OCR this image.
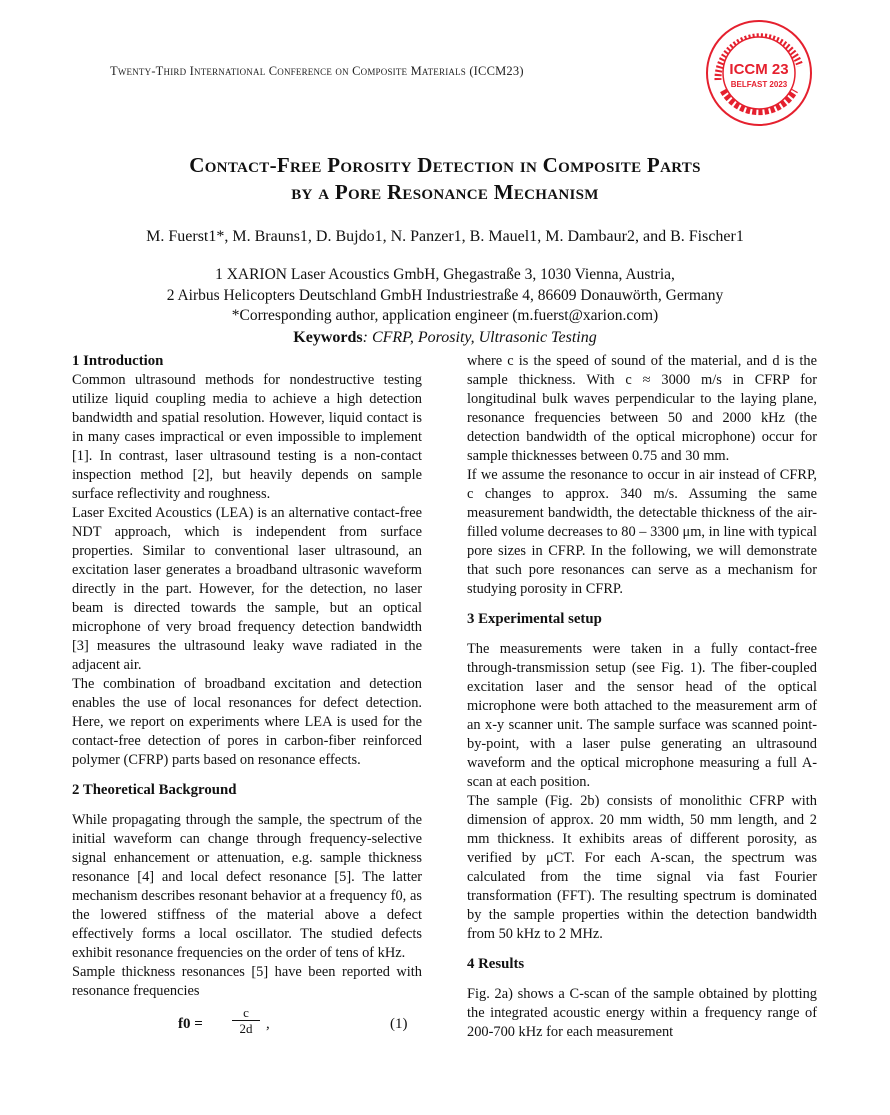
Twenty-Third International Conference on Composite Materials (ICCM23)	ICCM 23
BELFAST 2023
Contact-Free Porosity Detection in Composite Parts
by a Pore Resonance Mechanism
M. Fuerst1*, M. Brauns1, D. Bujdo1, N. Panzer1, B. Mauel1, M. Dambaur2, and B. Fischer1
1 XARION Laser Acoustics GmbH, Ghegastraße 3, 1030 Vienna, Austria,
2 Airbus Helicopters Deutschland GmbH Industriestraße 4, 86609 Donauwörth, Germany
*Corresponding author, application engineer (m.fuerst@xarion.com)
Keywords: CFRP, Porosity, Ultrasonic Testing
1 Introduction

Common ultrasound methods for nondestructive testing utilize liquid coupling media to achieve a high detection bandwidth and spatial resolution. However, liquid contact is in many cases impractical or even impossible to implement [1]. In contrast, laser ultrasound testing is a non-contact inspection method [2], but heavily depends on sample surface reflectivity and roughness.

Laser Excited Acoustics (LEA) is an alternative contact-free NDT approach, which is independent from surface properties. Similar to conventional laser ultrasound, an excitation laser generates a broadband ultrasonic waveform directly in the part. However, for the detection, no laser beam is directed towards the sample, but an optical microphone of very broad frequency detection bandwidth [3] measures the ultrasound leaky wave radiated in the adjacent air.

The combination of broadband excitation and detection enables the use of local resonances for defect detection. Here, we report on experiments where LEA is used for the contact-free detection of pores in carbon-fiber reinforced polymer (CFRP) parts based on resonance effects.

2 Theoretical Background

While propagating through the sample, the spectrum of the initial waveform can change through frequency-selective signal enhancement or attenuation, e.g. sample thickness resonance [4] and local defect resonance [5]. The latter mechanism describes resonant behavior at a frequency f0, as the lowered stiffness of the material above a defect effectively forms a local oscillator. The studied defects exhibit resonance frequencies on the order of tens of kHz.

Sample thickness resonances [5] have been reported with resonance frequencies

$f0 = \frac{c}{2d}$ ,	(1)

where c is the speed of sound of the material, and d is the sample thickness. With c ≈ 3000 m/s in CFRP for longitudinal bulk waves perpendicular to the laying plane, resonance frequencies between 50 and 2000 kHz (the detection bandwidth of the optical microphone) occur for sample thicknesses between 0.75 and 30 mm.

If we assume the resonance to occur in air instead of CFRP, c changes to approx. 340 m/s. Assuming the same measurement bandwidth, the detectable thickness of the air-filled volume decreases to 80 – 3300 μm, in line with typical pore sizes in CFRP. In the following, we will demonstrate that such pore resonances can serve as a mechanism for studying porosity in CFRP.

3 Experimental setup

The measurements were taken in a fully contact-free through-transmission setup (see Fig. 1). The fiber-coupled excitation laser and the sensor head of the optical microphone were both attached to the measurement arm of an x-y scanner unit. The sample surface was scanned point-by-point, with a laser pulse generating an ultrasound waveform and the optical microphone measuring a full A-scan at each position.

The sample (Fig. 2b) consists of monolithic CFRP with dimension of approx. 20 mm width, 50 mm length, and 2 mm thickness. It exhibits areas of different porosity, as verified by μCT. For each A-scan, the spectrum was calculated from the time signal via fast Fourier transformation (FFT). The resulting spectrum is dominated by the sample properties within the detection bandwidth from 50 kHz to 2 MHz.

4 Results

Fig. 2a) shows a C-scan of the sample obtained by plotting the integrated acoustic energy within a frequency range of 200-700 kHz for each measurement
